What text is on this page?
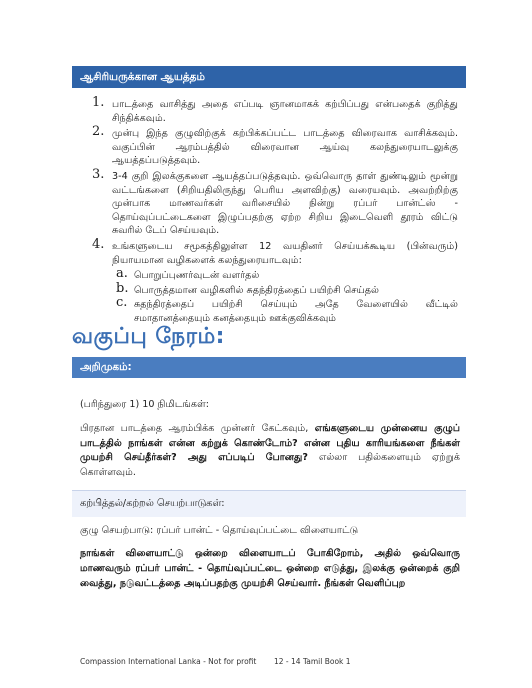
ஆசிரியருக்கான ஆயத்தம்
1. பாடத்தை வாசித்து அதை எப்படி ஞானமாகக் கற்பிப்பது என்பதைக் குறித்து சிந்திக்கவும்.
2. முன்பு இந்த குழுவிற்குக் கற்பிக்கப்பட்ட பாடத்தை விரைவாக வாசிக்கவும். வகுப்பின் ஆரம்பத்தில் விரைவான ஆய்வு கலந்துரையாடலுக்கு ஆயத்தப்படுத்தவும்.
3. 3-4 குறி இலக்குகளை ஆயத்தப்படுத்தவும். ஒவ்வொரு தாள் துண்டிலும் மூன்று வட்டங்களை (சிறியதிலிருந்து பெரிய அளவிற்கு) வரையவும். அவற்றிற்கு முன்பாக மாணவர்கள் வரிசையில் நின்று ரப்பர் பான்ட்ஸ் - தொய்வுப்பட்டைகளை இழுப்பதற்கு ஏற்ற சிறிய இடைவெளி தூரம் விட்டு சுவரில் டேப் செய்யவும்.
4. உங்களுடைய சமூகத்திலுள்ள 12 வயதினர் செய்யக்கூடிய (பின்வரும்) நியாயமான வழிகளைக் கலந்துரையாடவும்:
a. பொறுப்புணர்வுடன் வளர்தல்
b. பொருத்தமான வழிகளில் சுதந்திரத்தைப் பயிற்சி செய்தல்
c. சுதந்திரத்தைப் பயிற்சி செய்யும் அதே வேளையில் வீட்டில் சமாதானத்தையும் கனத்தையும் ஊக்குவிக்கவும்
வகுப்பு நேரம்:
அறிமுகம்:
(பரிந்துரை 1) 10 நிமிடங்கள்:
பிரதான பாடத்தை ஆரம்பிக்க முன்னர் கேட்கவும், எங்களுடைய முன்னைய குழுப் பாடத்தில் நாங்கள் என்ன கற்றுக் கொண்டோம்? என்ன புதிய காரியங்களை நீங்கள் முயற்சி செய்தீர்கள்? அது எப்படிப் போனது? எல்லா பதில்களையும் ஏற்றுக் கொள்ளவும்.
கற்பித்தல்/கற்றல் செயற்பாடுகள்:
குழு செயற்பாடு: ரப்பர் பான்ட் - தொய்வுப்பட்டை விளையாட்டு
நாங்கள் விளையாட்டு ஒன்றை விளையாடப் போகிறோம், அதில் ஒவ்வொரு மாணவரும் ரப்பர் பான்ட் - தொய்வுப்பட்டை ஒன்றை எடுத்து, இலக்கு ஒன்றைக் குறி வைத்து, நடுவட்டத்தை அடிப்பதற்கு முயற்சி செய்வார். நீங்கள் வெளிப்புற
Compassion International Lanka - Not for profit 12 - 14 Tamil Book 1
